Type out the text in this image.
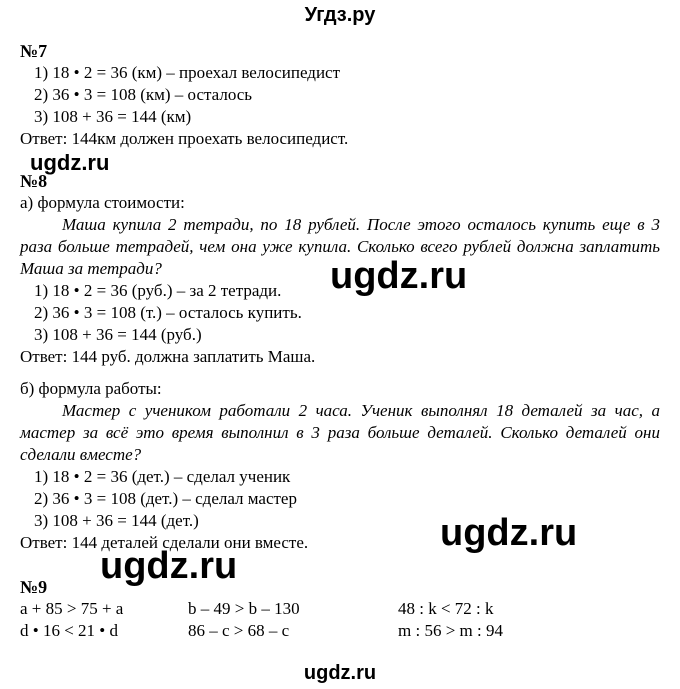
Угдз.ру
№7
1) 18 • 2 = 36 (км) – проехал велосипедист
2) 36 • 3 = 108 (км) – осталось
3) 108 + 36 = 144 (км)
Ответ: 144км должен проехать велосипедист.
№8
а) формула стоимости:
Маша купила 2 тетради, по 18 рублей. После этого осталось купить еще в 3 раза больше тетрадей, чем она уже купила. Сколько всего рублей должна заплатить Маша за тетради?
1) 18 • 2 = 36 (руб.) – за 2 тетради.
2) 36 • 3 = 108 (т.) – осталось купить.
3) 108 + 36 = 144 (руб.)
Ответ: 144 руб. должна заплатить Маша.
б) формула работы:
Мастер с учеником работали 2 часа. Ученик выполнял 18 деталей за час, а мастер за всё это время выполнил в 3 раза больше деталей. Сколько деталей они сделали вместе?
1) 18 • 2 = 36 (дет.) – сделал ученик
2) 36 • 3 = 108 (дет.) – сделал мастер
3) 108 + 36 = 144 (дет.)
Ответ: 144 деталей сделали они вместе.
№9
a + 85 > 75 + a	b – 49 > b – 130	48 : k < 72 : k
d • 16 < 21 • d	86 – c > 68 – c	m : 56 > m : 94
ugdz.ru
ugdz.ru
ugdz.ru
ugdz.ru
ugdz.ru
